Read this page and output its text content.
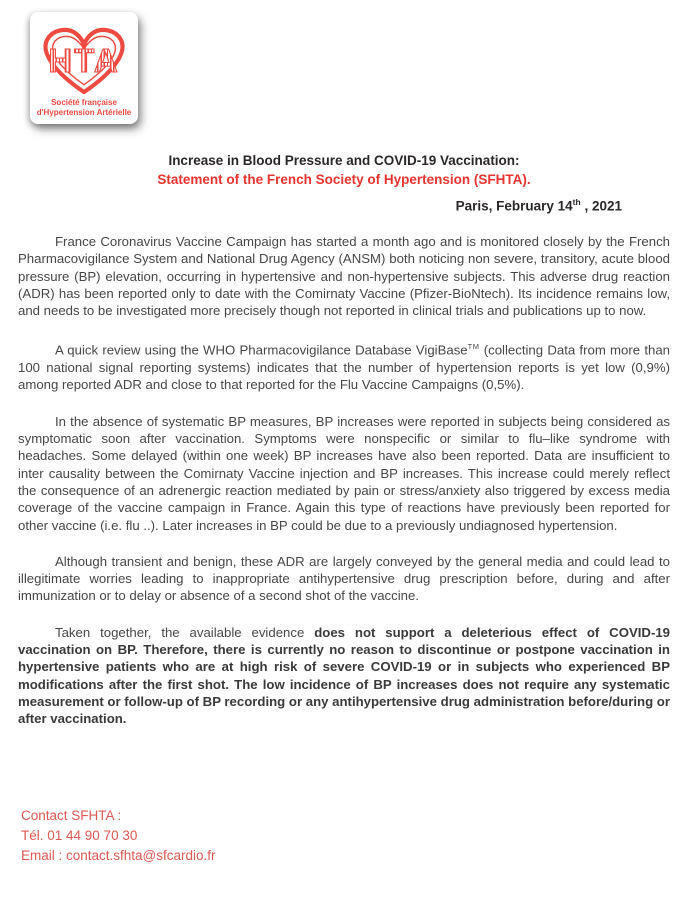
HTA
Société française
d'Hypertension Artérielle
Increase in Blood Pressure and COVID-19 Vaccination:
Statement of the French Society of Hypertension (SFHTA).
Paris, February 14th , 2021

France Coronavirus Vaccine Campaign has started a month ago and is monitored closely by the French Pharmacovigilance System and National Drug Agency (ANSM) both noticing non severe, transitory, acute blood pressure (BP) elevation, occurring in hypertensive and non-hypertensive subjects. This adverse drug reaction (ADR) has been reported only to date with the Comirnaty Vaccine (Pfizer-BioNtech). Its incidence remains low, and needs to be investigated more precisely though not reported in clinical trials and publications up to now.

A quick review using the WHO Pharmacovigilance Database VigiBase™ (collecting Data from more than 100 national signal reporting systems) indicates that the number of hypertension reports is yet low (0,9%) among reported ADR and close to that reported for the Flu Vaccine Campaigns (0,5%).

In the absence of systematic BP measures, BP increases were reported in subjects being considered as symptomatic soon after vaccination. Symptoms were nonspecific or similar to flu–like syndrome with headaches. Some delayed (within one week) BP increases have also been reported. Data are insufficient to inter causality between the Comirnaty Vaccine injection and BP increases. This increase could merely reflect the consequence of an adrenergic reaction mediated by pain or stress/anxiety also triggered by excess media coverage of the vaccine campaign in France. Again this type of reactions have previously been reported for other vaccine (i.e. flu ..). Later increases in BP could be due to a previously undiagnosed hypertension.

Although transient and benign, these ADR are largely conveyed by the general media and could lead to illegitimate worries leading to inappropriate antihypertensive drug prescription before, during and after immunization or to delay or absence of a second shot of the vaccine.

Taken together, the available evidence does not support a deleterious effect of COVID-19 vaccination on BP. Therefore, there is currently no reason to discontinue or postpone vaccination in hypertensive patients who are at high risk of severe COVID-19 or in subjects who experienced BP modifications after the first shot. The low incidence of BP increases does not require any systematic measurement or follow-up of BP recording or any antihypertensive drug administration before/during or after vaccination.

Contact SFHTA :
Tél. 01 44 90 70 30
Email : contact.sfhta@sfcardio.fr
